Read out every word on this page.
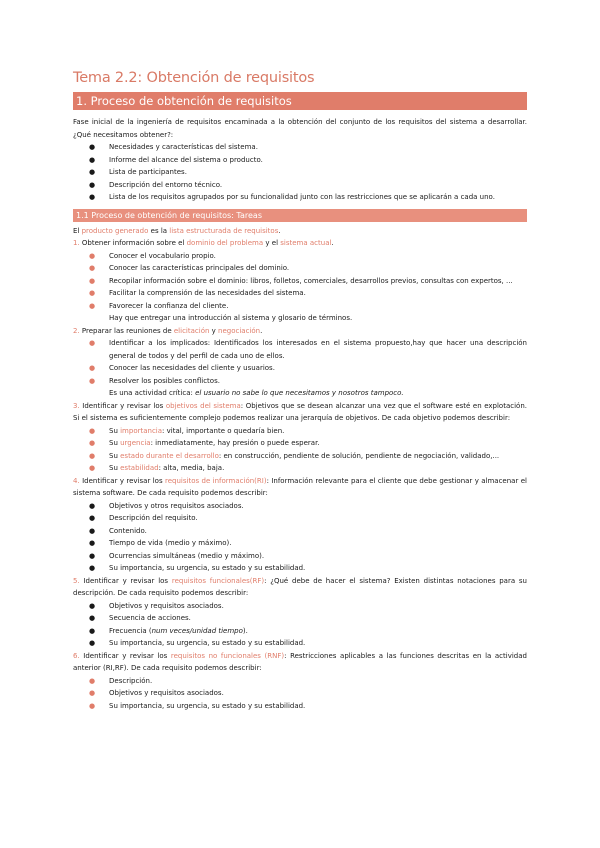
Tema 2.2: Obtención de requisitos
1. Proceso de obtención de requisitos

Fase inicial de la ingeniería de requisitos encaminada a la obtención del conjunto de los requisitos del sistema a desarrollar. ¿Qué necesitamos obtener?:

● Necesidades y características del sistema.
● Informe del alcance del sistema o producto.
● Lista de participantes.
● Descripción del entorno técnico.
● Lista de los requisitos agrupados por su funcionalidad junto con las restricciones que se aplicarán a cada uno.
1.1 Proceso de obtención de requisitos: Tareas

El producto generado es la lista estructurada de requisitos.

1. Obtener información sobre el dominio del problema y el sistema actual.

● Conocer el vocabulario propio.
● Conocer las características principales del dominio.
● Recopilar información sobre el dominio: libros, folletos, comerciales, desarrollos previos, consultas con expertos, ...
● Facilitar la comprensión de las necesidades del sistema.
● Favorecer la confianza del cliente.
Hay que entregar una introducción al sistema y glosario de términos.

2. Preparar las reuniones de elicitación y negociación.

● Identificar a los implicados: Identificados los interesados en el sistema propuesto,hay que hacer una descripción general de todos y del perfil de cada uno de ellos.
● Conocer las necesidades del cliente y usuarios.
● Resolver los posibles conflictos.
Es una actividad crítica: el usuario no sabe lo que necesitamos y nosotros tampoco.

3. Identificar y revisar los objetivos del sistema: Objetivos que se desean alcanzar una vez que el software esté en explotación. Si el sistema es suficientemente complejo podemos realizar una jerarquía de objetivos. De cada objetivo podemos describir:

● Su importancia: vital, importante o quedaría bien.
● Su urgencia: inmediatamente, hay presión o puede esperar.
● Su estado durante el desarrollo: en construcción, pendiente de solución, pendiente de negociación, validado,...
● Su estabilidad: alta, media, baja.

4. Identificar y revisar los requisitos de información(RI): Información relevante para el cliente que debe gestionar y almacenar el sistema software. De cada requisito podemos describir:

● Objetivos y otros requisitos asociados.
● Descripción del requisito.
● Contenido.
● Tiempo de vida (medio y máximo).
● Ocurrencias simultáneas (medio y máximo).
● Su importancia, su urgencia, su estado y su estabilidad.

5. Identificar y revisar los requisitos funcionales(RF): ¿Qué debe de hacer el sistema? Existen distintas notaciones para su descripción. De cada requisito podemos describir:

● Objetivos y requisitos asociados.
● Secuencia de acciones.
● Frecuencia (num veces/unidad tiempo).
● Su importancia, su urgencia, su estado y su estabilidad.

6. Identificar y revisar los requisitos no funcionales (RNF): Restricciones aplicables a las funciones descritas en la actividad anterior (RI,RF). De cada requisito podemos describir:

● Descripción.
● Objetivos y requisitos asociados.
● Su importancia, su urgencia, su estado y su estabilidad.
